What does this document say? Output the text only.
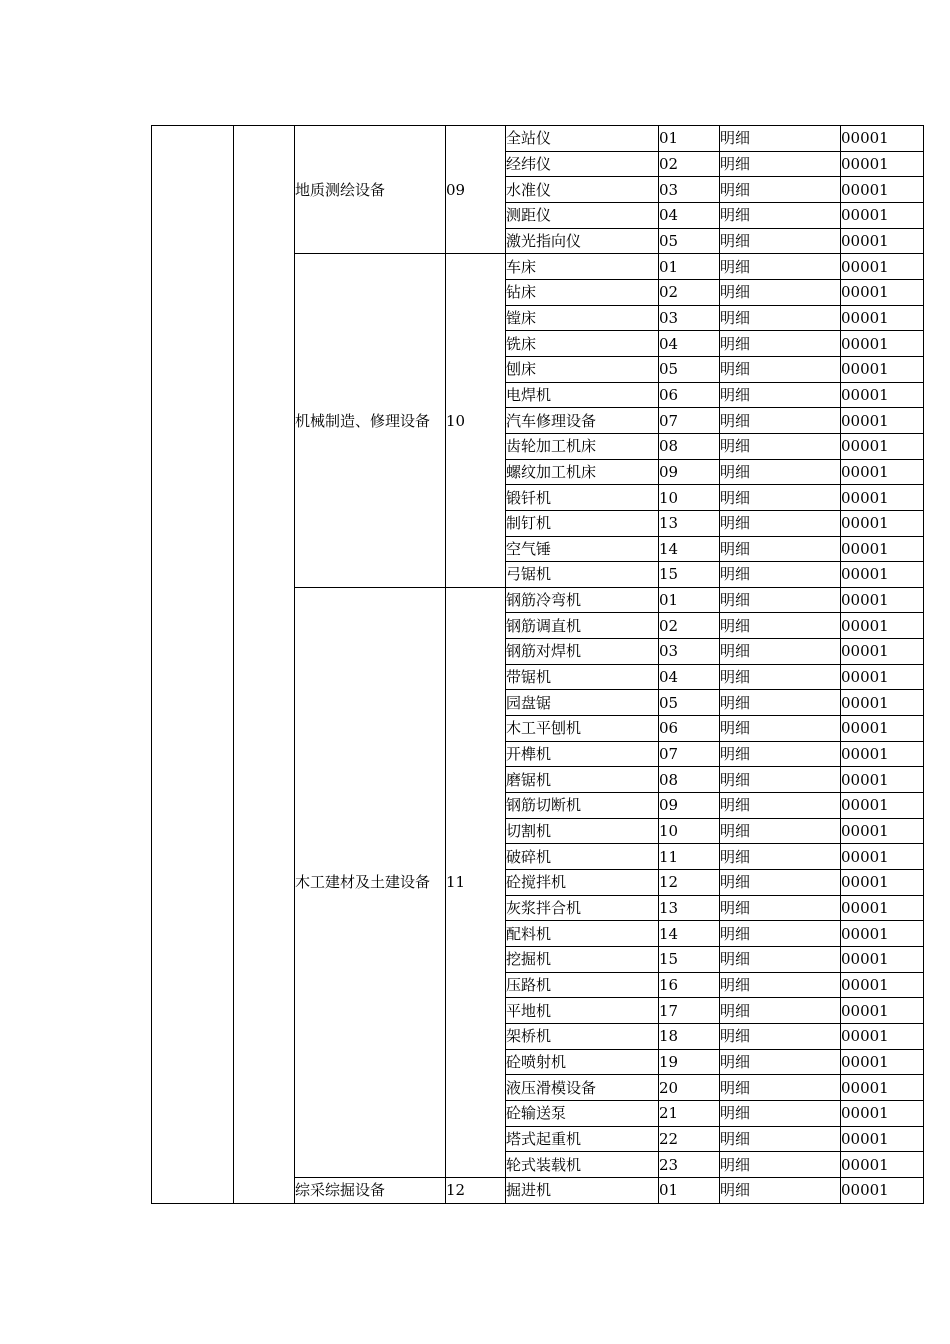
		地质测绘设备	09	全站仪	01	明细	00001
				经纬仪	02	明细	00001
				水准仪	03	明细	00001
				测距仪	04	明细	00001
				激光指向仪	05	明细	00001
		机械制造、修理设备	10	车床	01	明细	00001
				钻床	02	明细	00001
				镗床	03	明细	00001
				铣床	04	明细	00001
				刨床	05	明细	00001
				电焊机	06	明细	00001
				汽车修理设备	07	明细	00001
				齿轮加工机床	08	明细	00001
				螺纹加工机床	09	明细	00001
				锻钎机	10	明细	00001
				制钉机	13	明细	00001
				空气锤	14	明细	00001
				弓锯机	15	明细	00001
		木工建材及土建设备	11	钢筋冷弯机	01	明细	00001
				钢筋调直机	02	明细	00001
				钢筋对焊机	03	明细	00001
				带锯机	04	明细	00001
				园盘锯	05	明细	00001
				木工平刨机	06	明细	00001
				开榫机	07	明细	00001
				磨锯机	08	明细	00001
				钢筋切断机	09	明细	00001
				切割机	10	明细	00001
				破碎机	11	明细	00001
				砼搅拌机	12	明细	00001
				灰浆拌合机	13	明细	00001
				配料机	14	明细	00001
				挖掘机	15	明细	00001
				压路机	16	明细	00001
				平地机	17	明细	00001
				架桥机	18	明细	00001
				砼喷射机	19	明细	00001
				液压滑模设备	20	明细	00001
				砼输送泵	21	明细	00001
				塔式起重机	22	明细	00001
				轮式装载机	23	明细	00001
		综采综掘设备	12	掘进机	01	明细	00001
